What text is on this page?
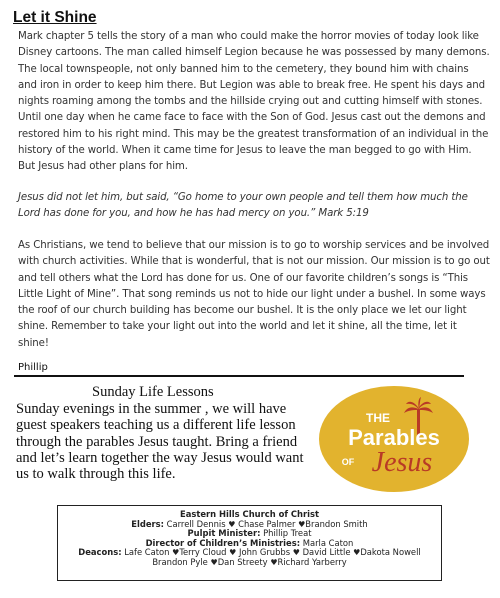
Let it Shine

Mark chapter 5 tells the story of a man who could make the horror movies of today look like Disney cartoons. The man called himself Legion because he was possessed by many demons. The local townspeople, not only banned him to the cemetery, they bound him with chains and iron in order to keep him there. But Legion was able to break free. He spent his days and nights roaming among the tombs and the hillside crying out and cutting himself with stones. Until one day when he came face to face with the Son of God. Jesus cast out the demons and restored him to his right mind. This may be the greatest transformation of an individual in the history of the world. When it came time for Jesus to leave the man begged to go with Him. But Jesus had other plans for him.

Jesus did not let him, but said, “Go home to your own people and tell them how much the Lord has done for you, and how he has had mercy on you.” Mark 5:19

As Christians, we tend to believe that our mission is to go to worship services and be involved with church activities. While that is wonderful, that is not our mission. Our mission is to go out and tell others what the Lord has done for us. One of our favorite children’s songs is “This Little Light of Mine”. That song reminds us not to hide our light under a bushel. In some ways the roof of our church building has become our bushel. It is the only place we let our light shine. Remember to take your light out into the world and let it shine, all the time, let it shine!

Phillip
Sunday Life Lessons

Sunday evenings in the summer , we will have guest speakers teaching us a different life lesson through the parables Jesus taught. Bring a friend and let’s learn together the way Jesus would want us to walk through this life.

THE
Parables
OF Jesus
Eastern Hills Church of Christ
Elders: Carrell Dennis ♥ Chase Palmer ♥Brandon Smith
Pulpit Minister: Phillip Treat
Director of Children’s Ministries: Marla Caton
Deacons: Lafe Caton ♥Terry Cloud ♥ John Grubbs ♥ David Little ♥Dakota Nowell
Brandon Pyle ♥Dan Streety ♥Richard Yarberry
